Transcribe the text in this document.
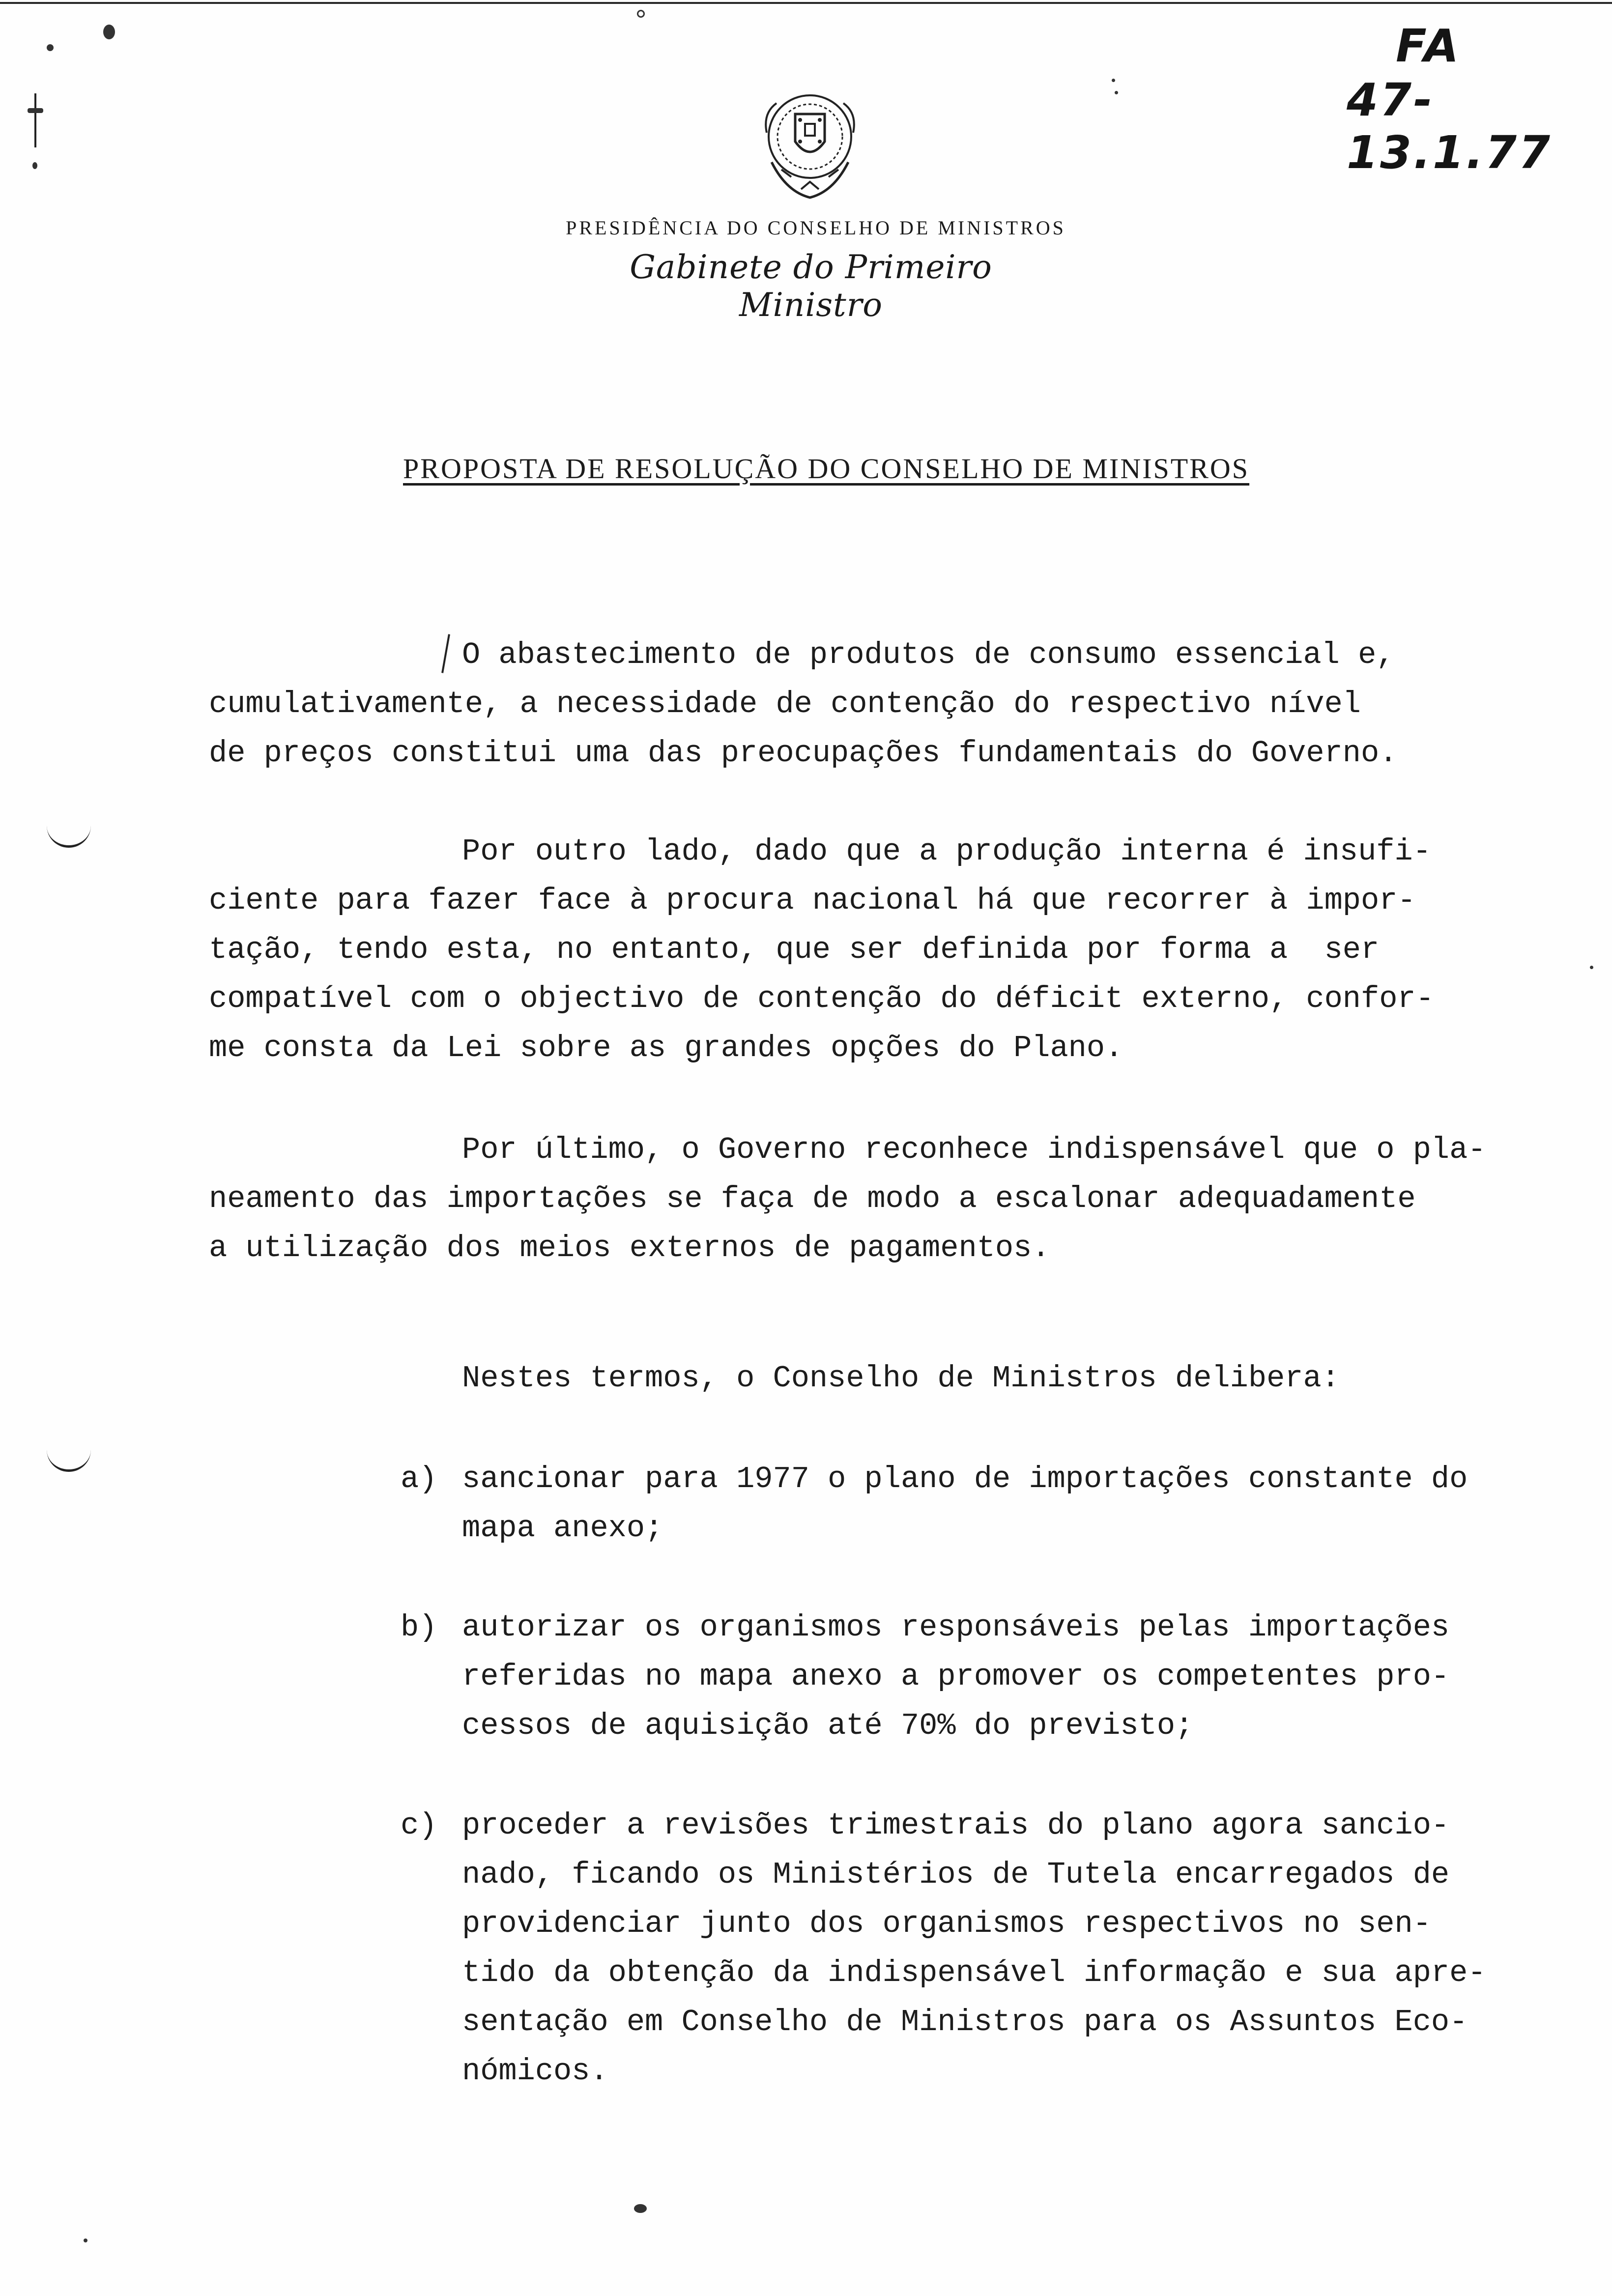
PRESIDÊNCIA DO CONSELHO DE MINISTROS
Gabinete do Primeiro Ministro
FA
47-13.1.77
PROPOSTA DE RESOLUÇÃO DO CONSELHO DE MINISTROS
O abastecimento de produtos de consumo essencial e,
cumulativamente, a necessidade de contenção do respectivo nível
de preços constitui uma das preocupações fundamentais do Governo.
Por outro lado, dado que a produção interna é insufi-
ciente para fazer face à procura nacional há que recorrer à impor-
tação, tendo esta, no entanto, que ser definida por forma a  ser
compatível com o objectivo de contenção do déficit externo, confor-
me consta da Lei sobre as grandes opções do Plano.
Por último, o Governo reconhece indispensável que o pla-
neamento das importações se faça de modo a escalonar adequadamente
a utilização dos meios externos de pagamentos.
Nestes termos, o Conselho de Ministros delibera:
a) sancionar para 1977 o plano de importações constante do
mapa anexo;
b) autorizar os organismos responsáveis pelas importações
referidas no mapa anexo a promover os competentes pro-
cessos de aquisição até 70% do previsto;
c) proceder a revisões trimestrais do plano agora sancio-
nado, ficando os Ministérios de Tutela encarregados de
providenciar junto dos organismos respectivos no sen-
tido da obtenção da indispensável informação e sua apre-
sentação em Conselho de Ministros para os Assuntos Eco-
nómicos.
